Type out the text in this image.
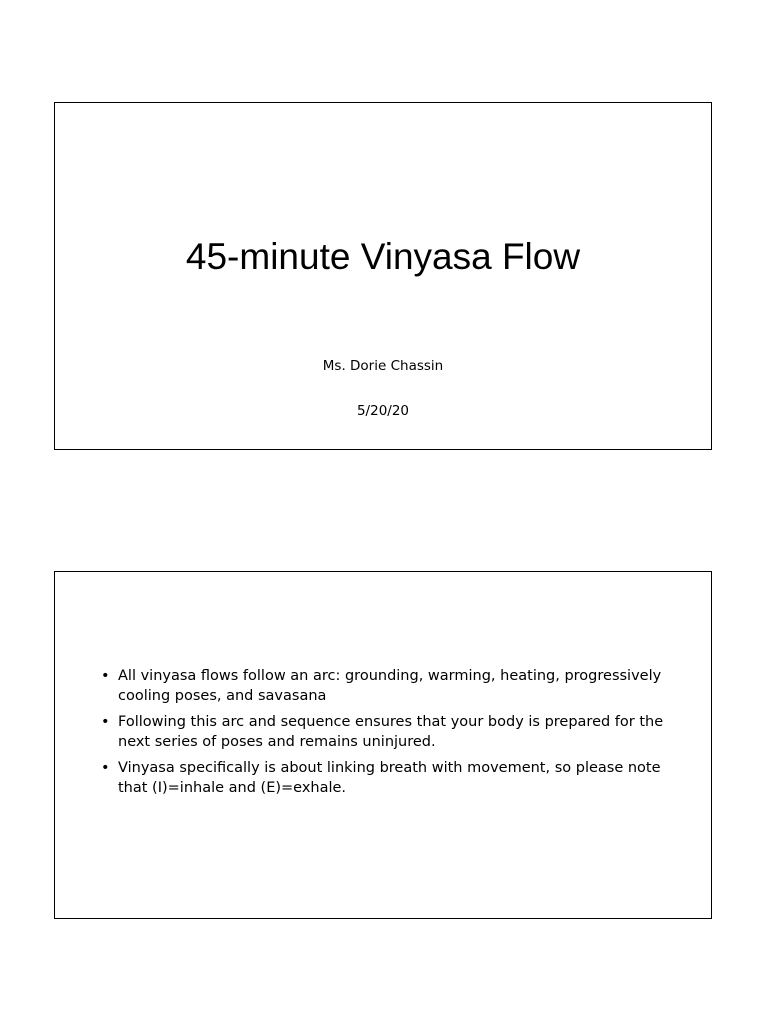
45-minute Vinyasa Flow
Ms. Dorie Chassin
5/20/20
• All vinyasa flows follow an arc: grounding, warming, heating, progressively cooling poses, and savasana
• Following this arc and sequence ensures that your body is prepared for the next series of poses and remains uninjured.
• Vinyasa specifically is about linking breath with movement, so please note that (I)=inhale and (E)=exhale.
